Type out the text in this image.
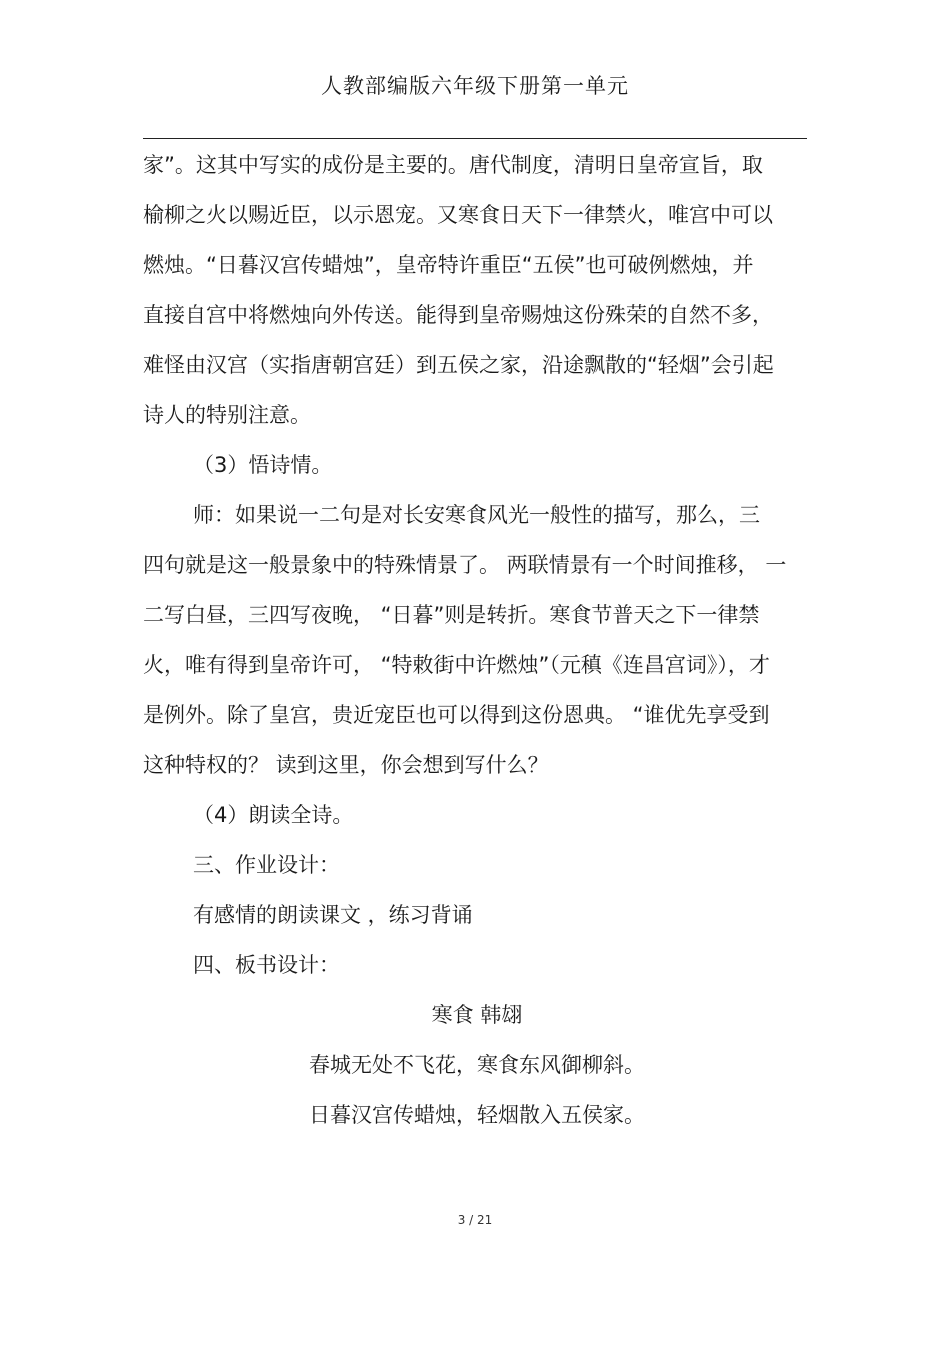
人教部编版六年级下册第一单元
家”。这其中写实的成份是主要的。唐代制度，清明日皇帝宣旨，取
榆柳之火以赐近臣，以示恩宠。又寒食日天下一律禁火，唯宫中可以
燃烛。“日暮汉宫传蜡烛”，皇帝特许重臣“五侯”也可破例燃烛，并
直接自宫中将燃烛向外传送。能得到皇帝赐烛这份殊荣的自然不多，
难怪由汉宫（实指唐朝宫廷）到五侯之家，沿途飘散的“轻烟”会引起
诗人的特别注意。
（3）悟诗情。
师：如果说一二句是对长安寒食风光一般性的描写，那么，三
四句就是这一般景象中的特殊情景了。 两联情景有一个时间推移， 一
二写白昼，三四写夜晚， “日暮”则是转折。寒食节普天之下一律禁
火，唯有得到皇帝许可， “特敕街中许燃烛”（元稹《连昌宫词》），才
是例外。除了皇宫，贵近宠臣也可以得到这份恩典。 “谁优先享受到
这种特权的？ 读到这里，你会想到写什么？
（4）朗读全诗。
三、作业设计：
有感情的朗读课文 ，练习背诵
四、板书设计：
寒食 韩翃
春城无处不飞花，寒食东风御柳斜。
日暮汉宫传蜡烛，轻烟散入五侯家。
3 / 21
